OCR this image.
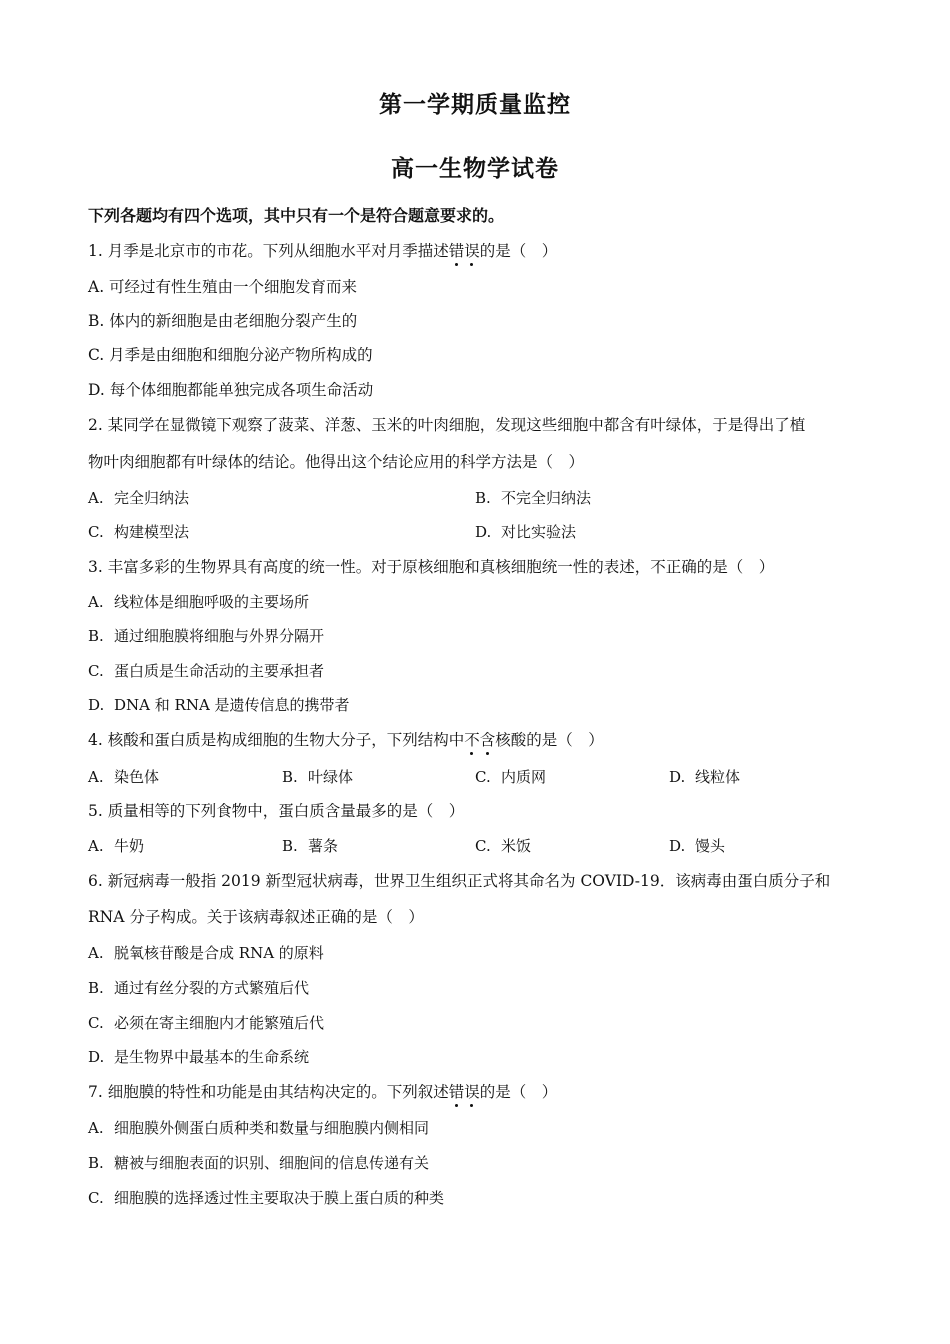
第一学期质量监控
高一生物学试卷
下列各题均有四个选项，其中只有一个是符合题意要求的。
1. 月季是北京市的市花。下列从细胞水平对月季描述错误的是（　）
A. 可经过有性生殖由一个细胞发育而来
B. 体内的新细胞是由老细胞分裂产生的
C. 月季是由细胞和细胞分泌产物所构成的
D. 每个体细胞都能单独完成各项生命活动
2. 某同学在显微镜下观察了菠菜、洋葱、玉米的叶肉细胞，发现这些细胞中都含有叶绿体，于是得出了植
物叶肉细胞都有叶绿体的结论。他得出这个结论应用的科学方法是（　）
A. 完全归纳法	B. 不完全归纳法
C. 构建模型法	D. 对比实验法
3. 丰富多彩的生物界具有高度的统一性。对于原核细胞和真核细胞统一性的表述，不正确的是（　）
A. 线粒体是细胞呼吸的主要场所
B. 通过细胞膜将细胞与外界分隔开
C. 蛋白质是生命活动的主要承担者
D. DNA 和 RNA 是遗传信息的携带者
4. 核酸和蛋白质是构成细胞的生物大分子，下列结构中不含核酸的是（　）
A. 染色体	B. 叶绿体	C. 内质网	D. 线粒体
5. 质量相等的下列食物中，蛋白质含量最多的是（　）
A. 牛奶	B. 薯条	C. 米饭	D. 馒头
6. 新冠病毒一般指 2019 新型冠状病毒，世界卫生组织正式将其命名为 COVID-19．该病毒由蛋白质分子和
RNA 分子构成。关于该病毒叙述正确的是（　）
A. 脱氧核苷酸是合成 RNA 的原料
B. 通过有丝分裂的方式繁殖后代
C. 必须在寄主细胞内才能繁殖后代
D. 是生物界中最基本的生命系统
7. 细胞膜的特性和功能是由其结构决定的。下列叙述错误的是（　）
A. 细胞膜外侧蛋白质种类和数量与细胞膜内侧相同
B. 糖被与细胞表面的识别、细胞间的信息传递有关
C. 细胞膜的选择透过性主要取决于膜上蛋白质的种类
